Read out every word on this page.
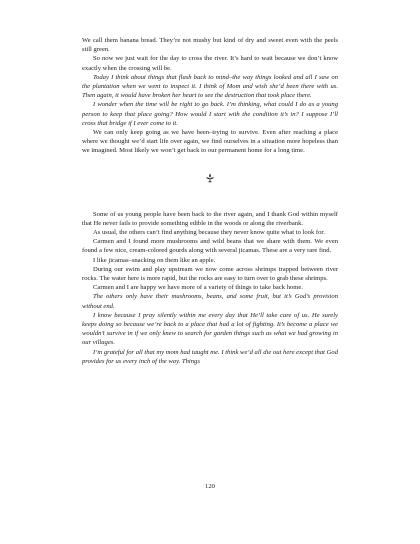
We call them banana bread. They’re not mushy but kind of dry and sweet even with the peels still green.

So now we just wait for the day to cross the river. It’s hard to wait because we don’t know exactly when the crossing will be.

Today I think about things that flash back to mind–the way things looked and all I saw on the plantation when we went to inspect it. I think of Mom and wish she’d been there with us. Then again, it would have broken her heart to see the destruction that took place there.

I wonder when the time will be right to go back. I’m thinking, what could I do as a young person to keep that place going? How would I start with the condition it’s in? I suppose I’ll cross that bridge if I ever come to it.

We can only keep going as we have been–trying to survive. Even after reaching a place where we thought we’d start life over again, we find ourselves in a situation more hopeless than we imagined. Most likely we won’t get back to our permanent home for a long time.

Some of us young people have been back to the river again, and I thank God within myself that He never fails to provide something edible in the woods or along the riverbank.

As usual, the others can’t find anything because they never know quite what to look for.

Carmen and I found more mushrooms and wild beans that we share with them. We even found a few nice, cream-colored gourds along with several jicamas. These are a very rare find.

I like jicamas–snacking on them like an apple.

During our swim and play upstream we now come across shrimps trapped between river rocks. The water here is more rapid, but the rocks are easy to turn over to grab these shrimps.

Carmen and I are happy we have more of a variety of things to take back home.

The others only have their mushrooms, beans, and some fruit, but it’s God’s provision without end.

I know because I pray silently within me every day that He’ll take care of us. He surely keeps doing so because we’re back to a place that had a lot of fighting. It’s become a place we wouldn’t survive in if we only knew to search for garden things such as what we had growing in our villages.

I’m grateful for all that my mom had taught me. I think we’d all die out here except that God provides for us every inch of the way. Things

120
